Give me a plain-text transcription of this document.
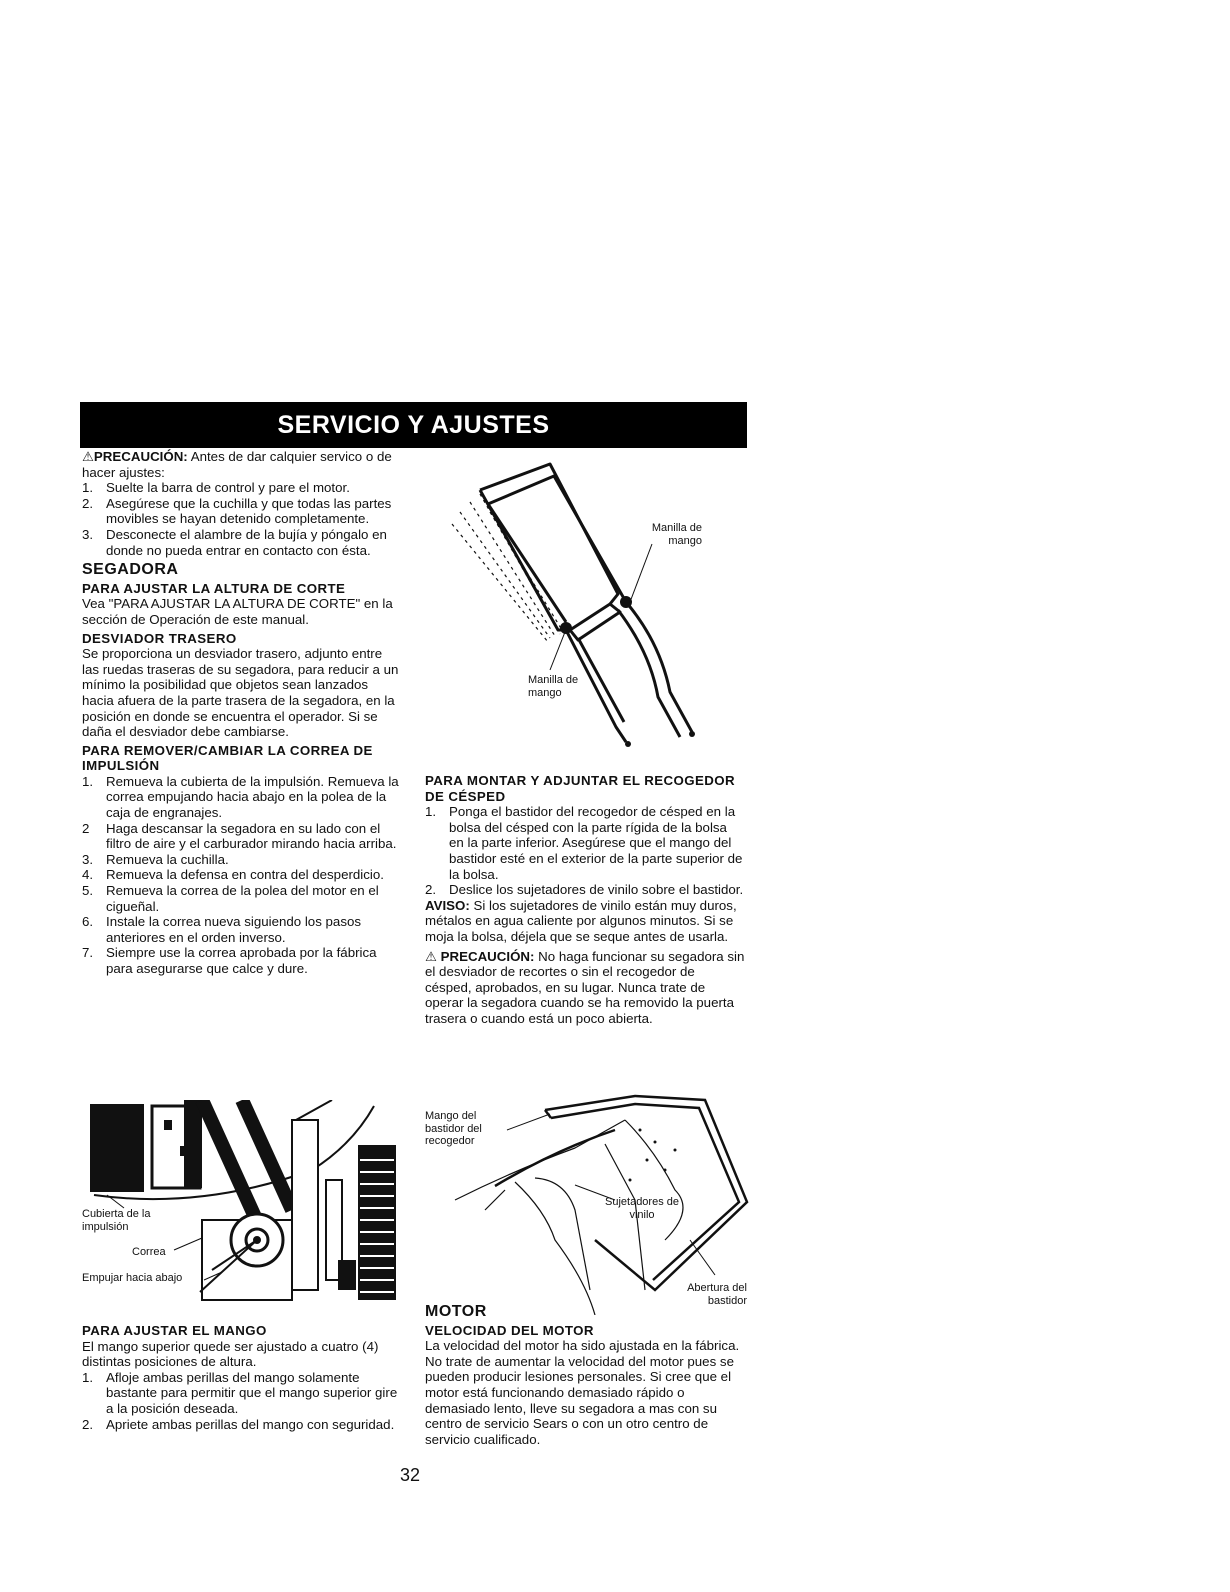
SERVICIO Y AJUSTES

⚠PRECAUCIÓN: Antes de dar calquier servico o de hacer ajustes:

1. Suelte la barra de control y pare el motor.
2. Asegúrese que la cuchilla y que todas las partes movibles se hayan detenido completamente.
3. Desconecte el alambre de la bujía y póngalo en donde no pueda entrar en contacto con ésta.
SEGADORA
PARA AJUSTAR LA ALTURA DE CORTE

Vea "PARA AJUSTAR LA ALTURA DE CORTE" en la sección de Operación de este manual.

DESVIADOR TRASERO

Se proporciona un desviador trasero, adjunto entre las ruedas traseras de su segadora, para reducir a un mínimo la posibilidad que objetos sean lanzados hacia afuera de la parte trasera de la segadora, en la posición en donde se encuentra el operador. Si se daña el desviador debe cambiarse.

PARA REMOVER/CAMBIAR LA CORREA DE IMPULSIÓN
1. Remueva la cubierta de la impulsión. Remueva la correa empujando hacia abajo en la polea de la caja de engranajes.
2 Haga descansar la segadora en su lado con el filtro de aire y el carburador mirando hacia arriba.
3. Remueva la cuchilla.
4. Remueva la defensa en contra del desperdicio.
5. Remueva la correa de la polea del motor en el cigueñal.
6. Instale la correa nueva siguiendo los pasos anteriores en el orden inverso.
7. Siempre use la correa aprobada por la fábrica para asegurarse que calce y dure.
Cubierta de la impulsión
Correa
Empujar hacia abajo
PARA AJUSTAR EL MANGO

El mango superior quede ser ajustado a cuatro (4) distintas posiciones de altura.

1. Afloje ambas perillas del mango solamente bastante para permitir que el mango superior gire a la posición deseada.
2. Apriete ambas perillas del mango con seguridad.
Manilla de mango
Manilla de mango
PARA MONTAR Y ADJUNTAR EL RECOGEDOR DE CÉSPED
1. Ponga el bastidor del recogedor de césped en la bolsa del césped con la parte rígida de la bolsa en la parte inferior. Asegúrese que el mango del bastidor esté en el exterior de la parte superior de la bolsa.
2. Deslice los sujetadores de vinilo sobre el bastidor.

AVISO: Si los sujetadores de vinilo están muy duros, métalos en agua caliente por algunos minutos. Si se moja la bolsa, déjela que se seque antes de usarla.

⚠ PRECAUCIÓN: No haga funcionar su segadora sin el desviador de recortes o sin el recogedor de césped, aprobados, en su lugar. Nunca trate de operar la segadora cuando se ha removido la puerta trasera o cuando está un poco abierta.

Mango del bastidor del recogedor
Sujetadores de vinilo
Abertura del bastidor
MOTOR
VELOCIDAD DEL MOTOR

La velocidad del motor ha sido ajustada en la fábrica. No trate de aumentar la velocidad del motor pues se pueden producir lesiones personales. Si cree que el motor está funcionando demasiado rápido o demasiado lento, lleve su segadora a mas con su centro de servicio Sears o con un otro centro de servicio cualificado.

32
